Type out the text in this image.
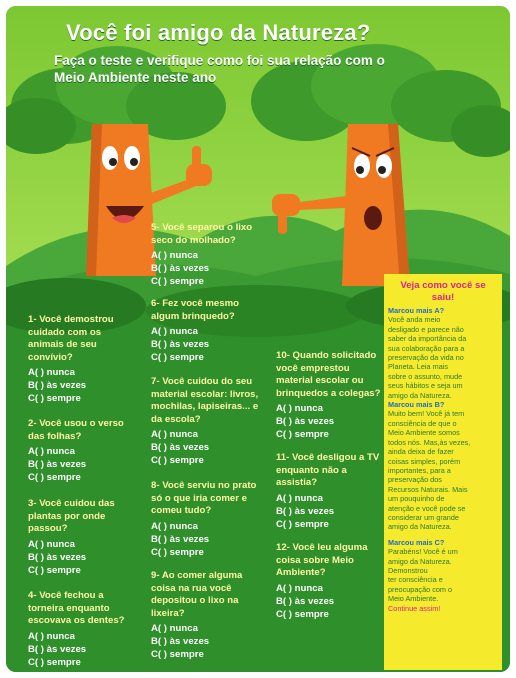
Você foi amigo da Natureza?
Faça o teste e verifique como foi sua relação com o
Meio Ambiente neste ano
1- Você demostrou
cuidado com os
animais de seu
convívio?
A( ) nunca
B( ) às vezes
C( ) sempre
2- Você usou o verso
das folhas?
A( ) nunca
B( ) às vezes
C( ) sempre
3- Você cuidou das
plantas por onde
passou?
A( ) nunca
B( ) às vezes
C( ) sempre
4- Você fechou a
torneira enquanto
escovava os dentes?
A( ) nunca
B( ) às vezes
C( ) sempre
5- Você separou o lixo
seco do molhado?
A( ) nunca
B( ) às vezes
C( ) sempre
6- Fez você mesmo
algum brinquedo?
A( ) nunca
B( ) às vezes
C( ) sempre
7- Você cuidou do seu
material escolar: livros,
mochilas, lapiseiras... e
da escola?
A( ) nunca
B( ) às vezes
C( ) sempre
8- Você serviu no prato
só o que iria comer e
comeu tudo?
A( ) nunca
B( ) às vezes
C( ) sempre
9- Ao comer alguma
coisa na rua você
depositou o lixo na
lixeira?
A( ) nunca
B( ) às vezes
C( ) sempre
10- Quando solicitado
você emprestou
material escolar ou
brinquedos a colegas?
A( ) nunca
B( ) às vezes
C( ) sempre
11- Você desligou a TV
enquanto não a
assistia?
A( ) nunca
B( ) às vezes
C( ) sempre
12- Você leu alguma
coisa sobre Meio
Ambiente?
A( ) nunca
B( ) às vezes
C( ) sempre
Veja como você se
saiu!
Marcou mais A?
Você anda meio
desligado e parece não
saber da importância da
sua colaboração para a
preservação da vida no
Planeta. Leia mais
sobre o assunto, mude
seus hábitos e seja um
amigo da Natureza.
Marcou mais B?
Muito bem! Você já tem
consciência de que o
Meio Ambiente somos
todos nós. Mas,às vezes,
ainda deixa de fazer
coisas simples, porém
importantes, para a
preservação dos
Recursos Naturais. Mais
um pouquinho de
atenção e você pode se
considerar um grande
amigo da Natureza.
Marcou mais C?
Parabéns! Você é um
amigo da Natureza.
Demonstrou
ter consciência e
preocupação com o
Meio Ambiente.
Continue assim!
